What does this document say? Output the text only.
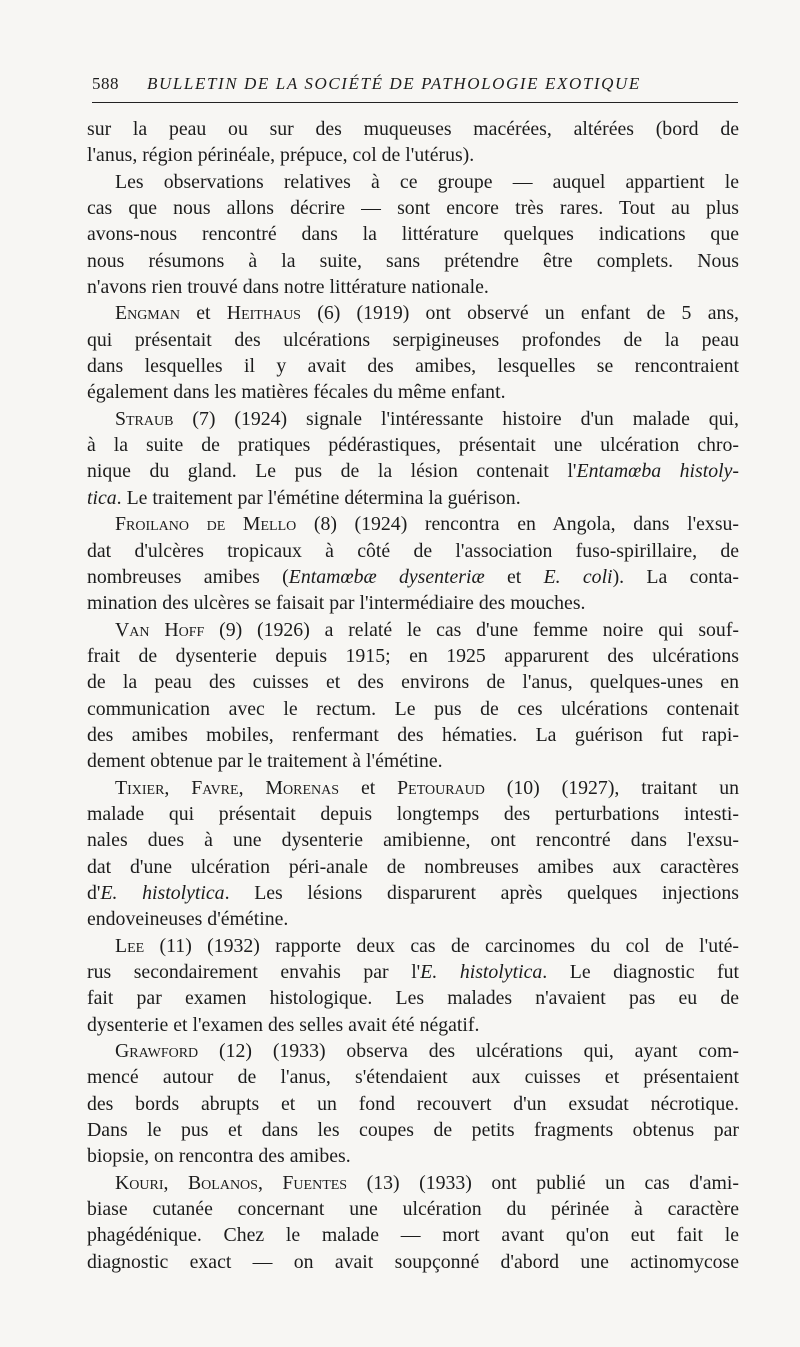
588 BULLETIN DE LA SOCIÉTÉ DE PATHOLOGIE EXOTIQUE
sur la peau ou sur des muqueuses macérées, altérées (bord de
l'anus, région périnéale, prépuce, col de l'utérus).
Les observations relatives à ce groupe — auquel appartient le
cas que nous allons décrire — sont encore très rares. Tout au plus
avons-nous rencontré dans la littérature quelques indications que
nous résumons à la suite, sans prétendre être complets. Nous
n'avons rien trouvé dans notre littérature nationale.
Engman et Heithaus (6) (1919) ont observé un enfant de 5 ans,
qui présentait des ulcérations serpigineuses profondes de la peau
dans lesquelles il y avait des amibes, lesquelles se rencontraient
également dans les matières fécales du même enfant.
Straub (7) (1924) signale l'intéressante histoire d'un malade qui,
à la suite de pratiques pédérastiques, présentait une ulcération chro-
nique du gland. Le pus de la lésion contenait l'Entamœba histoly-
tica. Le traitement par l'émétine détermina la guérison.
Froilano de Mello (8) (1924) rencontra en Angola, dans l'exsu-
dat d'ulcères tropicaux à côté de l'association fuso-spirillaire, de
nombreuses amibes (Entamœbæ dysenteriæ et E. coli). La conta-
mination des ulcères se faisait par l'intermédiaire des mouches.
Van Hoff (9) (1926) a relaté le cas d'une femme noire qui souf-
frait de dysenterie depuis 1915; en 1925 apparurent des ulcérations
de la peau des cuisses et des environs de l'anus, quelques-unes en
communication avec le rectum. Le pus de ces ulcérations contenait
des amibes mobiles, renfermant des hématies. La guérison fut rapi-
dement obtenue par le traitement à l'émétine.
Tixier, Favre, Morenas et Petouraud (10) (1927), traitant un
malade qui présentait depuis longtemps des perturbations intesti-
nales dues à une dysenterie amibienne, ont rencontré dans l'exsu-
dat d'une ulcération péri-anale de nombreuses amibes aux caractères
d'E. histolytica. Les lésions disparurent après quelques injections
endoveineuses d'émétine.
Lee (11) (1932) rapporte deux cas de carcinomes du col de l'uté-
rus secondairement envahis par l'E. histolytica. Le diagnostic fut
fait par examen histologique. Les malades n'avaient pas eu de
dysenterie et l'examen des selles avait été négatif.
Grawford (12) (1933) observa des ulcérations qui, ayant com-
mencé autour de l'anus, s'étendaient aux cuisses et présentaient
des bords abrupts et un fond recouvert d'un exsudat nécrotique.
Dans le pus et dans les coupes de petits fragments obtenus par
biopsie, on rencontra des amibes.
Kouri, Bolanos, Fuentes (13) (1933) ont publié un cas d'ami-
biase cutanée concernant une ulcération du périnée à caractère
phagédénique. Chez le malade — mort avant qu'on eut fait le
diagnostic exact — on avait soupçonné d'abord une actinomycose
